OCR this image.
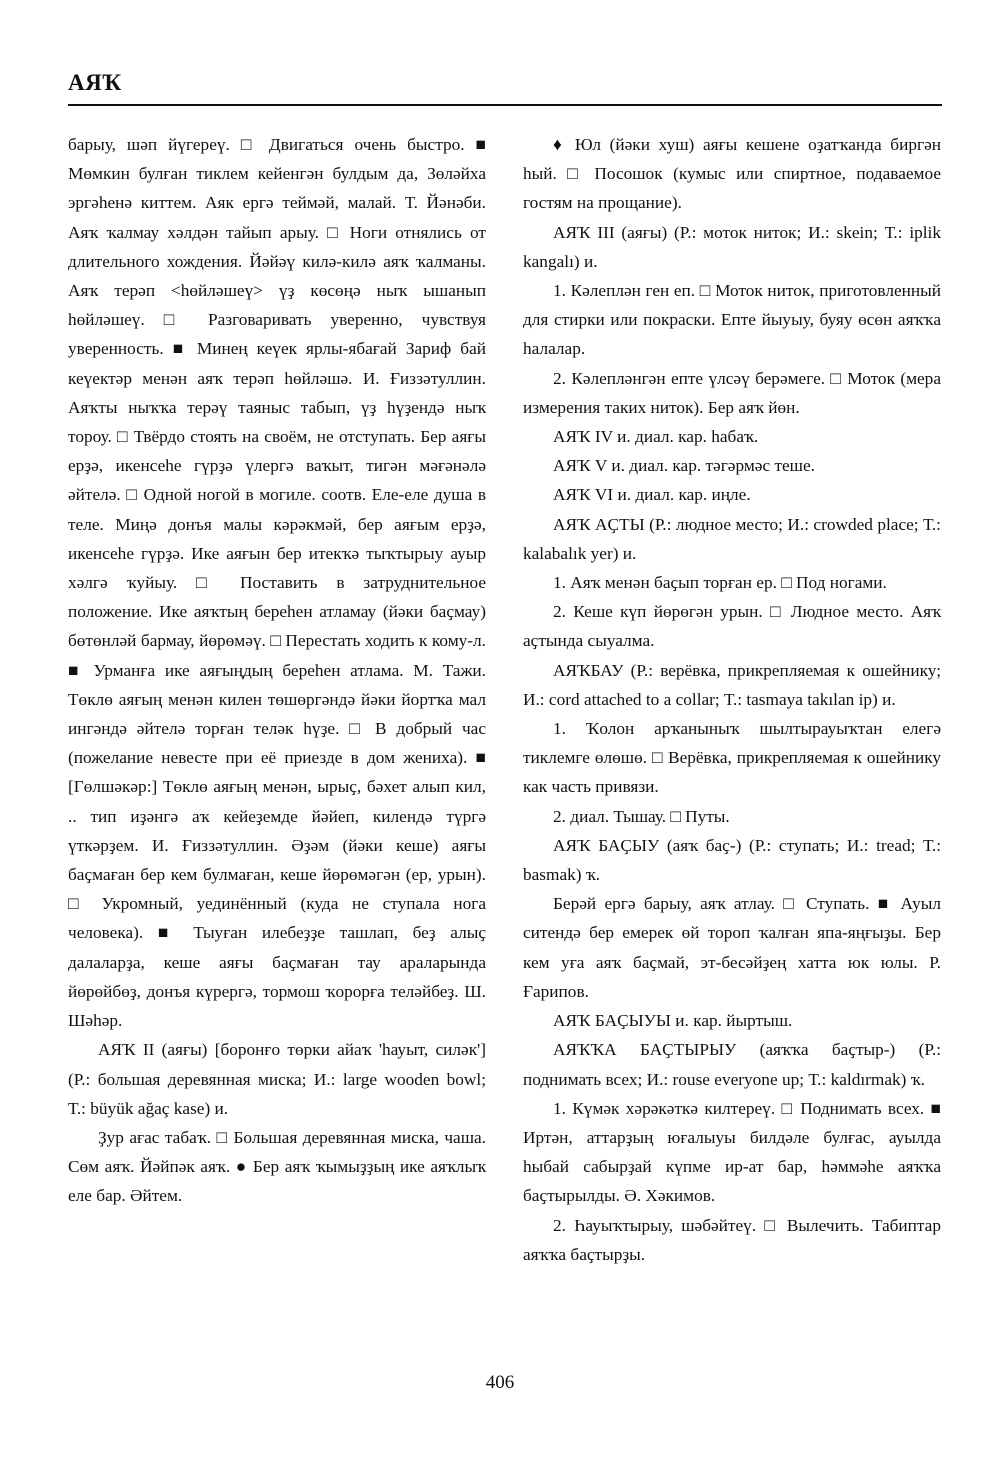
АЯҠ

барыу, шәп йүгереү. □ Двигаться очень быстро. ■ Мөмкин булған тиклем кейенгән булдым да, Зөләйха эргәһенә киттем. Аяк ергә теймәй, малай. Т. Йәнәби. Аяҡ ҡалмау хәлдән тайып арыу. □ Ноги отнялись от длительного хождения. Йәйәү килә-килә аяҡ ҡалманы. Аяҡ терәп <һөйләшеү> үҙ көсөңә ныҡ ышанып һөйләшеү. □ Разговаривать уверенно, чувствуя уверенность. ■ Минең кеүек ярлы-ябағай Зариф бай кеүектәр менән аяҡ терәп һөйләшә. И. Ғиззәтуллин. Аяҡты ныҡҡа терәү таяныс табып, үҙ һүҙендә ныҡ тороу. □ Твёрдо стоять на своём, не отступать. Бер аяғы ерҙә, икенсеһе гүрҙә үлергә ваҡыт, тигән мәғәнәлә әйтелә. □ Одной ногой в могиле. соотв. Еле-еле душа в теле. Миңә донъя малы кәрәкмәй, бер аяғым ерҙә, икенсеһе гүрҙә. Ике аяғын бер итекҡә тыҡтырыу ауыр хәлгә ҡуйыу. □ Поставить в затруднительное положение. Ике аяҡтың береһен атламау (йәки баҫмау) бөтөнләй бармау, йөрөмәү. □ Перестать ходить к кому-л. ■ Урманға ике аяғыңдың береһен атлама. М. Тажи. Төклө аяғың менән килен төшөргәндә йәки йортҡа мал ингәндә әйтелә торған теләк һүҙе. □ В добрый час (пожелание невесте при её приезде в дом жениха). ■ [Гөлшәкәр:] Төклө аяғың менән, ырыҫ, бәхет алып кил, .. тип иҙәнгә аҡ кейеҙемде йәйеп, килендә түргә үткәрҙем. И. Ғиззәтуллин. Әҙәм (йәки кеше) аяғы баҫмаған бер кем булмаған, кеше йөрөмәгән (ер, урын). □ Укромный, уединённый (куда не ступала нога человека). ■ Тыуған илебеҙҙе ташлап, беҙ алыҫ далаларҙа, кеше аяғы баҫмаған тау араларында йөрөйбөҙ, донъя күрергә, тормош ҡорорға теләйбеҙ. Ш. Шәһәр.

АЯҠ II (аяғы) [боронғо төрки айаҡ 'һауыт, силәк'] (Р.: большая деревянная миска; И.: large wooden bowl; Т.: büyük ağaç kase) и.

Ҙур ағас табаҡ. □ Большая деревянная миска, чаша. Сөм аяҡ. Йәйпәк аяҡ. ● Бер аяҡ ҡымыҙҙың ике аяҡлыҡ еле бар. Әйтем.

♦ Юл (йәки хуш) аяғы кешене оҙатҡанда биргән һый. □ Посошок (кумыс или спиртное, подаваемое гостям на прощание).

АЯҠ III (аяғы) (Р.: моток ниток; И.: skein; Т.: iplik kangalı) и.

1. Кәлеплән ген еп. □ Моток ниток, приготовленный для стирки или покраски. Епте йыуыу, буяу өсөн аяҡҡа һалалар.

2. Кәлепләнгән епте үлсәү берәмеге. □ Моток (мера измерения таких ниток). Бер аяҡ йөн.

АЯҠ IV и. диал. кар. һабаҡ.

АЯҠ V и. диал. кар. тәгәрмәс теше.

АЯҠ VI и. диал. кар. иңле.

АЯҠ АҪТЫ (Р.: людное место; И.: crowded place; Т.: kalabalık yer) и.

1. Аяҡ менән баҫып торған ер. □ Под ногами.

2. Кеше күп йөрөгән урын. □ Людное место. Аяҡ аҫтында сыуалма.

АЯҠБАУ (Р.: верёвка, прикрепляемая к ошейнику; И.: cord attached to a collar; Т.: tasmaya takılan ip) и.

1. Ҡолон арҡаныныҡ шылтырауыҡтан елегә тиклемге өлөшө. □ Верёвка, прикрепляемая к ошейнику как часть привязи.

2. диал. Тышау. □ Путы.

АЯҠ БАҪЫУ (аяҡ баҫ-) (Р.: ступать; И.: tread; Т.: basmak) ҡ.

Берәй ергә барыу, аяҡ атлау. □ Ступать. ■ Ауыл ситендә бер емерек өй тороп ҡалған япа-яңғыҙы. Бер кем уға аяҡ баҫмай, эт-бесәйҙең хатта юк юлы. Р. Ғарипов.

АЯҠ БАҪЫУЫ и. кар. йыртыш.

АЯҠҠА БАҪТЫРЫУ (аяҡҡа баҫтыр-) (Р.: поднимать всех; И.: rouse everyone up; Т.: kaldırmak) ҡ.

1. Күмәк хәрәкәткә килтереү. □ Поднимать всех. ■ Иртән, аттарҙың юғалыуы билдәле булғас, ауылда һыбай сабырҙай күпме ир-ат бар, һәммәһе аяҡҡа баҫтырылды. Ә. Хәкимов.

2. Һауыҡтырыу, шәбәйтеү. □ Вылечить. Табиптар аяҡҡа баҫтырҙы.

406
